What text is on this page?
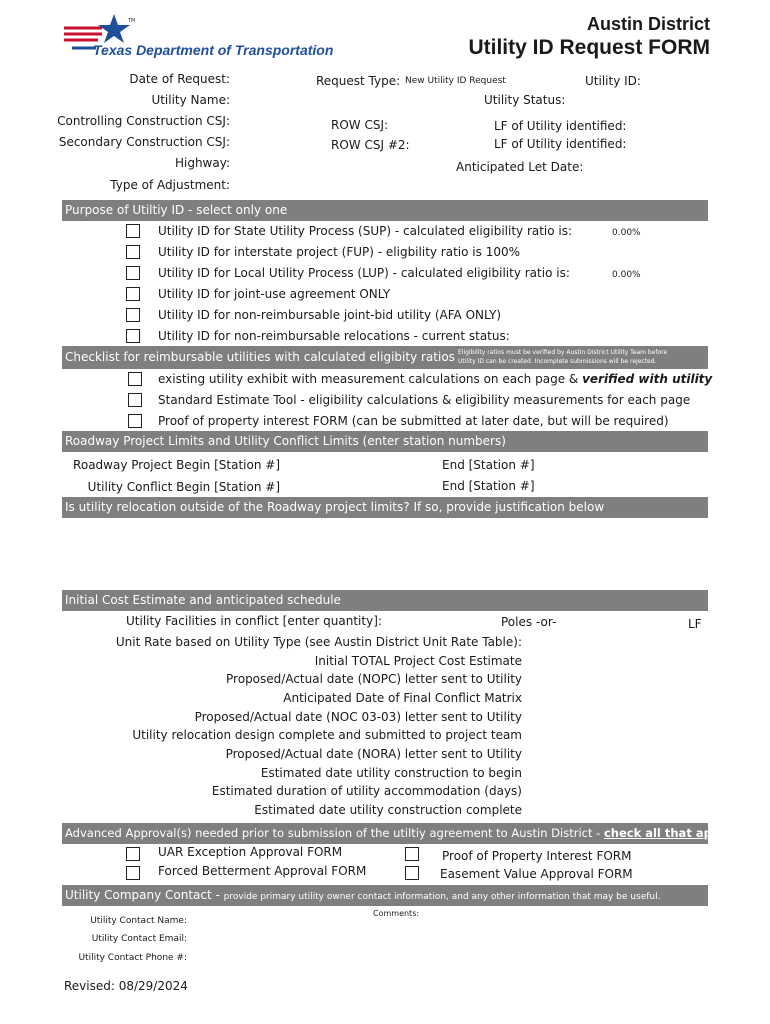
TM
Texas Department of Transportation
Austin District
Utility ID Request FORM
Date of Request:
Utility Name:
Controlling Construction CSJ:
Secondary Construction CSJ:
Highway:
Type of Adjustment:
Request Type: New Utility ID Request	Utility ID:
Utility Status:
ROW CSJ:
ROW CSJ #2:
LF of Utility identified:
LF of Utility identified:
Anticipated Let Date:
Purpose of Utiltiy ID - select only one
Utility ID for State Utility Process (SUP) - calculated eligibility ratio is:	0.00%
Utility ID for interstate project (FUP) - eligbility ratio is 100%
Utility ID for Local Utility Process (LUP) - calculated eligibility ratio is:	0.00%
Utility ID for joint-use agreement ONLY
Utility ID for non-reimbursable joint-bid utility (AFA ONLY)
Utility ID for non-reimbursable relocations - current status:
Checklist for reimbursable utilities with calculated eligibity ratios Eligibility ratios must be verified by Austin District Utility Team before
Utility ID can be created. Incomplete submissions will be rejected.
existing utility exhibit with measurement calculations on each page & verified with utility
Standard Estimate Tool - eligibility calculations & eligibility measurements for each page
Proof of property interest FORM (can be submitted at later date, but will be required)
Roadway Project Limits and Utility Conflict Limits (enter station numbers)
Roadway Project Begin [Station #]	End [Station #]
Utility Conflict Begin [Station #]	End [Station #]
Is utility relocation outside of the Roadway project limits? If so, provide justification below
Initial Cost Estimate and anticipated schedule
Utility Facilities in conflict [enter quantity]:	Poles -or-	LF
Unit Rate based on Utility Type (see Austin District Unit Rate Table):
Initial TOTAL Project Cost Estimate
Proposed/Actual date (NOPC) letter sent to Utility
Anticipated Date of Final Conflict Matrix
Proposed/Actual date (NOC 03-03) letter sent to Utility
Utility relocation design complete and submitted to project team
Proposed/Actual date (NORA) letter sent to Utility
Estimated date utility construction to begin
Estimated duration of utility accommodation (days)
Estimated date utility construction complete
Advanced Approval(s) needed prior to submission of the utiltiy agreement to Austin District - check all that apply
UAR Exception Approval FORM
Forced Betterment Approval FORM
Proof of Property Interest FORM
Easement Value Approval FORM
Utility Company Contact - provide primary utility owner contact information, and any other information that may be useful.
Comments:
Utility Contact Name:
Utility Contact Email:
Utility Contact Phone #:
Revised: 08/29/2024
